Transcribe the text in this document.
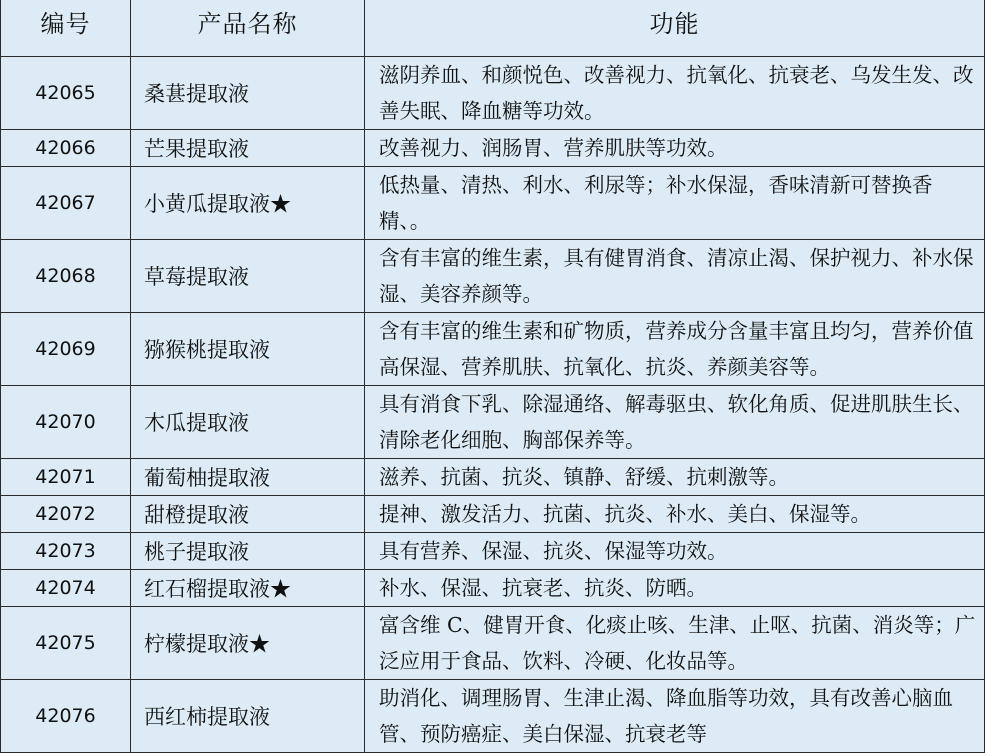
编号	产品名称	功能
42065	桑葚提取液	滋阴养血、和颜悦色、改善视力、抗氧化、抗衰老、乌发生发、改善失眠、降血糖等功效。
42066	芒果提取液	改善视力、润肠胃、营养肌肤等功效。
42067	小黄瓜提取液★	低热量、清热、利水、利尿等；补水保湿，香味清新可替换香精、。
42068	草莓提取液	含有丰富的维生素，具有健胃消食、清凉止渴、保护视力、补水保湿、美容养颜等。
42069	猕猴桃提取液	含有丰富的维生素和矿物质，营养成分含量丰富且均匀，营养价值高保湿、营养肌肤、抗氧化、抗炎、养颜美容等。
42070	木瓜提取液	具有消食下乳、除湿通络、解毒驱虫、软化角质、促进肌肤生长、清除老化细胞、胸部保养等。
42071	葡萄柚提取液	滋养、抗菌、抗炎、镇静、舒缓、抗刺激等。
42072	甜橙提取液	提神、激发活力、抗菌、抗炎、补水、美白、保湿等。
42073	桃子提取液	具有营养、保湿、抗炎、保湿等功效。
42074	红石榴提取液★	补水、保湿、抗衰老、抗炎、防晒。
42075	柠檬提取液★	富含维 C、健胃开食、化痰止咳、生津、止呕、抗菌、消炎等；广泛应用于食品、饮料、冷硬、化妆品等。
42076	西红柿提取液	助消化、调理肠胃、生津止渴、降血脂等功效，具有改善心脑血管、预防癌症、美白保湿、抗衰老等
